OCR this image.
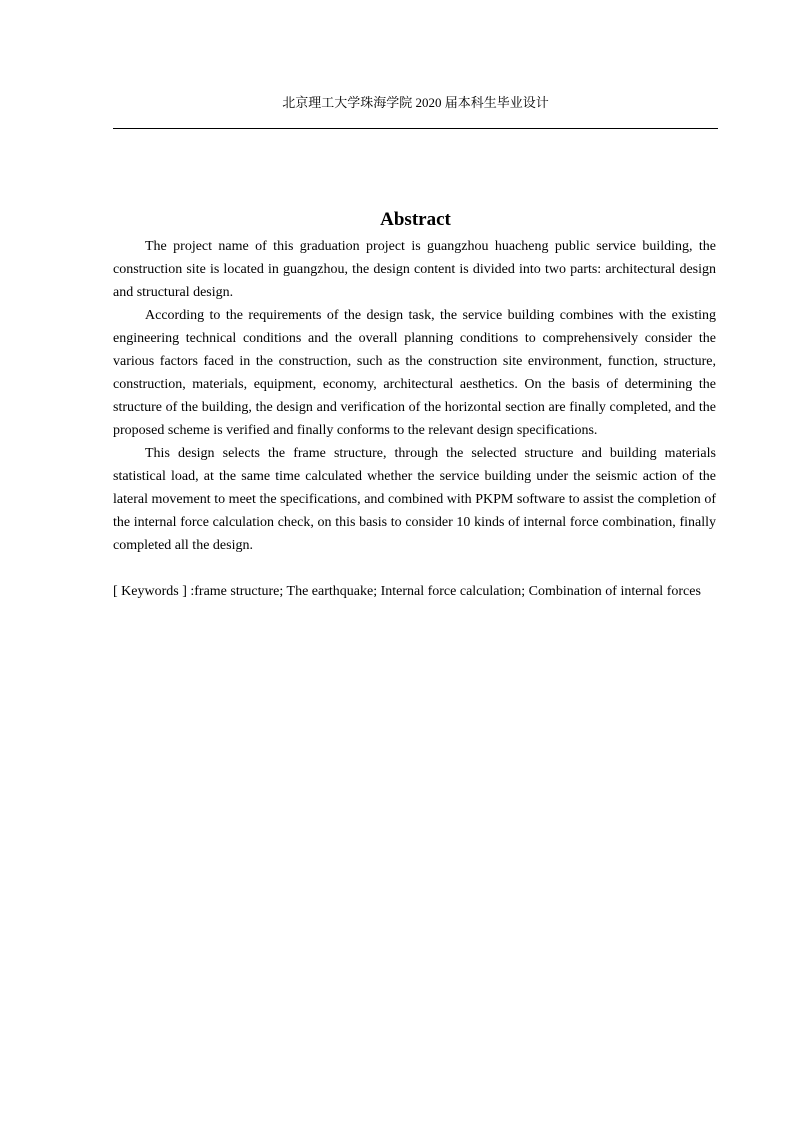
北京理工大学珠海学院 2020 届本科生毕业设计
Abstract

The project name of this graduation project is guangzhou huacheng public service building, the construction site is located in guangzhou, the design content is divided into two parts: architectural design and structural design.

According to the requirements of the design task, the service building combines with the existing engineering technical conditions and the overall planning conditions to comprehensively consider the various factors faced in the construction, such as the construction site environment, function, structure, construction, materials, equipment, economy, architectural aesthetics. On the basis of determining the structure of the building, the design and verification of the horizontal section are finally completed, and the proposed scheme is verified and finally conforms to the relevant design specifications.

This design selects the frame structure, through the selected structure and building materials statistical load, at the same time calculated whether the service building under the seismic action of the lateral movement to meet the specifications, and combined with PKPM software to assist the completion of the internal force calculation check, on this basis to consider 10 kinds of internal force combination, finally completed all the design.

[ Keywords ] :frame structure; The earthquake; Internal force calculation; Combination of internal forces
